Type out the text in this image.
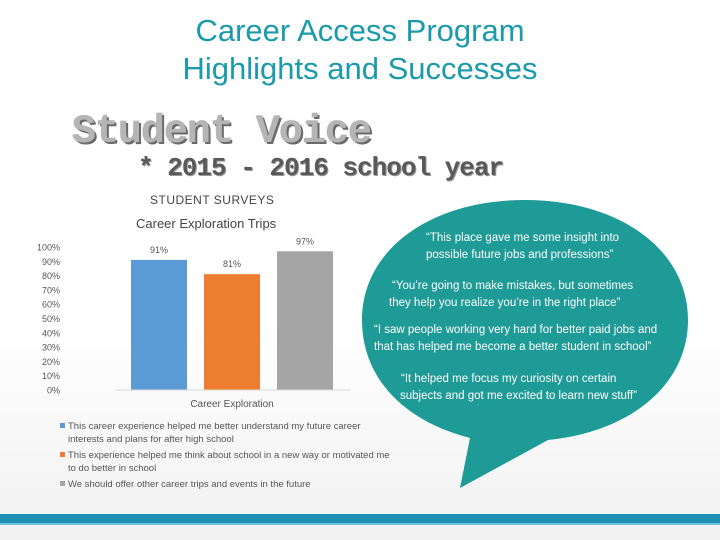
Career Access Program
Highlights and Successes
Student Voice
* 2015 - 2016 school year
STUDENT SURVEYS
Career Exploration Trips
0%
10%
20%
30%
40%
50%
60%
70%
80%
90%
100%	91%
81%
97%
Career Exploration
This career experience helped me better understand my future career interests and plans for after high school
This experience helped me think about school in a new way or motivated me to do better in school
We should offer other career trips and events in the future
“This place gave me some insight into
possible future jobs and professions”
“You’re going to make mistakes, but sometimes
they help you realize you’re in the right place”
“I saw people working very hard for better paid jobs and
that has helped me become a better student in school”
“It helped me focus my curiosity on certain
subjects and got me excited to learn new stuff”
